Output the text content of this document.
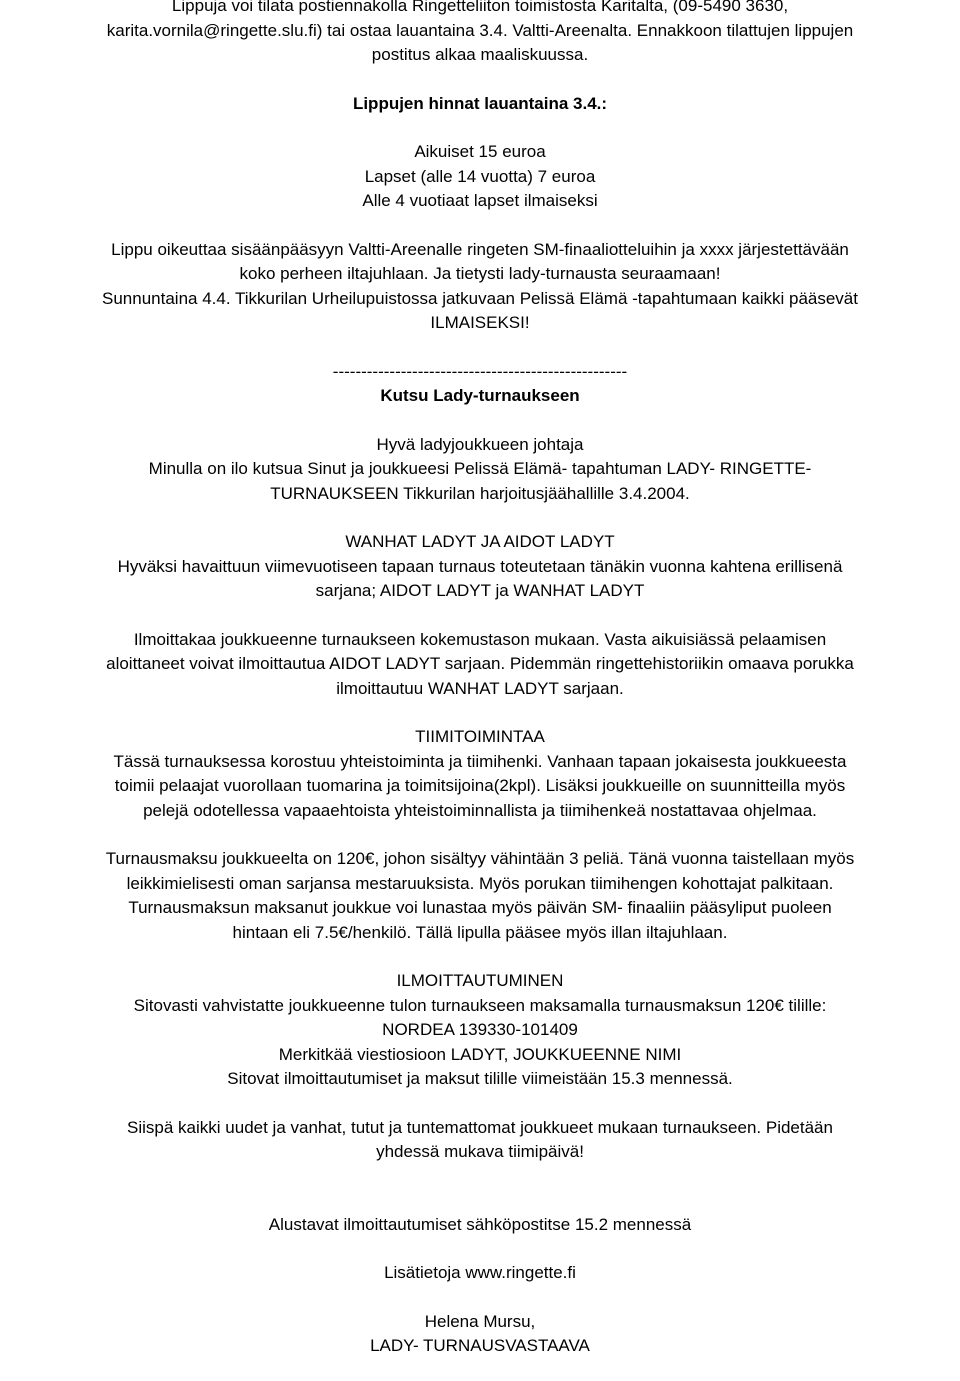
Lippuja voi tilata postiennakolla Ringetteliiton toimistosta Karitalta, (09-5490 3630,
karita.vornila@ringette.slu.fi) tai ostaa lauantaina 3.4. Valtti-Areenalta. Ennakkoon tilattujen lippujen
postitus alkaa maaliskuussa.
Lippujen hinnat lauantaina 3.4.:
Aikuiset 15 euroa
Lapset (alle 14 vuotta) 7 euroa
Alle 4 vuotiaat lapset ilmaiseksi
Lippu oikeuttaa sisäänpääsyyn Valtti-Areenalle ringeten SM-finaaliotteluihin ja xxxx järjestettävään
koko perheen iltajuhlaan. Ja tietysti lady-turnausta seuraamaan!
Sunnuntaina 4.4. Tikkurilan Urheilupuistossa jatkuvaan Pelissä Elämä -tapahtumaan kaikki pääsevät
ILMAISEKSI!
----------------------------------------------------
Kutsu Lady-turnaukseen
Hyvä ladyjoukkueen johtaja
Minulla on ilo kutsua Sinut ja joukkueesi Pelissä Elämä- tapahtuman LADY- RINGETTE-
TURNAUKSEEN Tikkurilan harjoitusjäähallille 3.4.2004.
WANHAT LADYT JA AIDOT LADYT
Hyväksi havaittuun viimevuotiseen tapaan turnaus toteutetaan tänäkin vuonna kahtena erillisenä
sarjana; AIDOT LADYT ja WANHAT LADYT
Ilmoittakaa joukkueenne turnaukseen kokemustason mukaan. Vasta aikuisiässä pelaamisen
aloittaneet voivat ilmoittautua AIDOT LADYT sarjaan. Pidemmän ringettehistoriikin omaava porukka
ilmoittautuu WANHAT LADYT sarjaan.
TIIMITOIMINTAA
Tässä turnauksessa korostuu yhteistoiminta ja tiimihenki. Vanhaan tapaan jokaisesta joukkueesta
toimii pelaajat vuorollaan tuomarina ja toimitsijoina(2kpl). Lisäksi joukkueille on suunnitteilla myös
pelejä odotellessa vapaaehtoista yhteistoiminnallista ja tiimihenkeä nostattavaa ohjelmaa.
Turnausmaksu joukkueelta on 120€, johon sisältyy vähintään 3 peliä. Tänä vuonna taistellaan myös
leikkimielisesti oman sarjansa mestaruuksista. Myös porukan tiimihengen kohottajat palkitaan.
Turnausmaksun maksanut joukkue voi lunastaa myös päivän SM- finaaliin pääsyliput puoleen
hintaan eli 7.5€/henkilö. Tällä lipulla pääsee myös illan iltajuhlaan.
ILMOITTAUTUMINEN
Sitovasti vahvistatte joukkueenne tulon turnaukseen maksamalla turnausmaksun 120€ tilille:
NORDEA 139330-101409
Merkitkää viestiosioon LADYT, JOUKKUEENNE NIMI
Sitovat ilmoittautumiset ja maksut tilille viimeistään 15.3 mennessä.
Siispä kaikki uudet ja vanhat, tutut ja tuntemattomat joukkueet mukaan turnaukseen. Pidetään
yhdessä mukava tiimipäivä!
Alustavat ilmoittautumiset sähköpostitse 15.2 mennessä
Lisätietoja www.ringette.fi
Helena Mursu,
LADY- TURNAUSVASTAAVA
